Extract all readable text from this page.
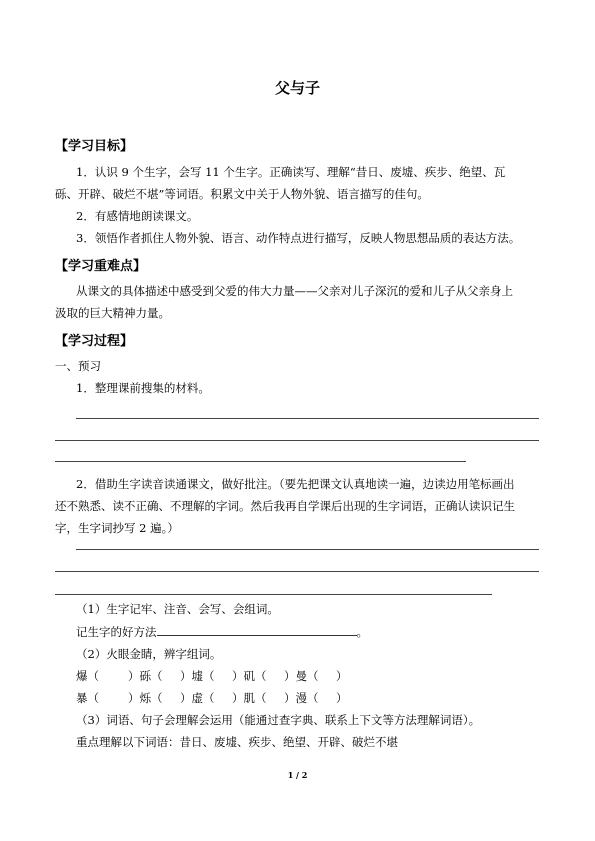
父与子
【学习目标】
1．认识 9 个生字，会写 11 个生字。正确读写、理解“昔日、废墟、疾步、绝望、瓦
砾、开辟、破烂不堪”等词语。积累文中关于人物外貌、语言描写的佳句。
2．有感情地朗读课文。
3．领悟作者抓住人物外貌、语言、动作特点进行描写，反映人物思想品质的表达方法。
【学习重难点】
从课文的具体描述中感受到父爱的伟大力量——父亲对儿子深沉的爱和儿子从父亲身上
汲取的巨大精神力量。
【学习过程】
一、预习
1．整理课前搜集的材料。
2．借助生字读音读通课文，做好批注。（要先把课文认真地读一遍，边读边用笔标画出
还不熟悉、读不正确、不理解的字词。然后我再自学课后出现的生字词语，正确认读识记生
字，生字词抄写 2 遍。）
（1）生字记牢、注音、会写、会组词。
记生字的好方法	。
（2）火眼金睛，辨字组词。
爆（	）砾（ ）墟（ ）矶（ ）曼（ ）
暴（	）烁（ ）虚（ ）肌（ ）漫（ ）
（3）词语、句子会理解会运用（能通过查字典、联系上下文等方法理解词语）。
重点理解以下词语：昔日、废墟、疾步、绝望、开辟、破烂不堪
1 / 2
